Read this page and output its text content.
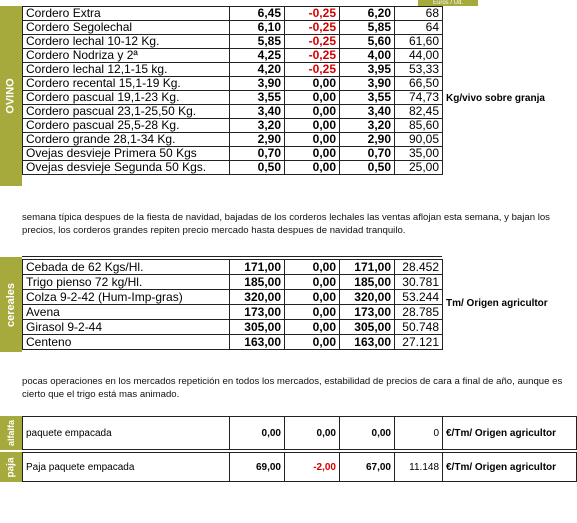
Euros / Ud.
OVINO
Cordero Extra	6,45	-0,25	6,20	68
Cordero Segolechal	6,10	-0,25	5,85	64
Cordero lechal 10-12 Kg.	5,85	-0,25	5,60	61,60
Cordero Nodriza y 2ª	4,25	-0,25	4,00	44,00
Cordero lechal 12,1-15 kg.	4,20	-0,25	3,95	53,33
Cordero recental 15,1-19 Kg.	3,90	0,00	3,90	66,50
Cordero pascual 19,1-23 Kg.	3,55	0,00	3,55	74,73
Cordero pascual 23,1-25,50 Kg.	3,40	0,00	3,40	82,45
Cordero pascual 25,5-28 Kg.	3,20	0,00	3,20	85,60
Cordero grande 28,1-34 Kg.	2,90	0,00	2,90	90,05
Ovejas desvieje Primera 50 Kgs	0,70	0,00	0,70	35,00
Ovejas desvieje Segunda 50 Kgs.	0,50	0,00	0,50	25,00
Kg/vivo sobre granja
semana típica despues de la fiesta de navidad, bajadas de los corderos lechales las ventas aflojan esta semana, y bajan los precios, los corderos grandes repiten precio mercado hasta despues de navidad tranquilo.
cereales
Cebada de 62 Kgs/Hl.	171,00	0,00	171,00	28.452
Trigo pienso 72 kg/Hl.	185,00	0,00	185,00	30.781
Colza 9-2-42 (Hum-Imp-gras)	320,00	0,00	320,00	53.244
Avena	173,00	0,00	173,00	28.785
Girasol 9-2-44	305,00	0,00	305,00	50.748
Centeno	163,00	0,00	163,00	27.121
Tm/ Origen agricultor
pocas operaciones en los mercados repetición en todos los mercados, estabilidad de precios de cara a final de año, aunque es cierto que el trigo está mas animado.
alfalfa paquete empacada	0,00	0,00	0,00	0	€/Tm/ Origen agricultor
paja Paja paquete empacada	69,00	-2,00	67,00	11.148	€/Tm/ Origen agricultor
